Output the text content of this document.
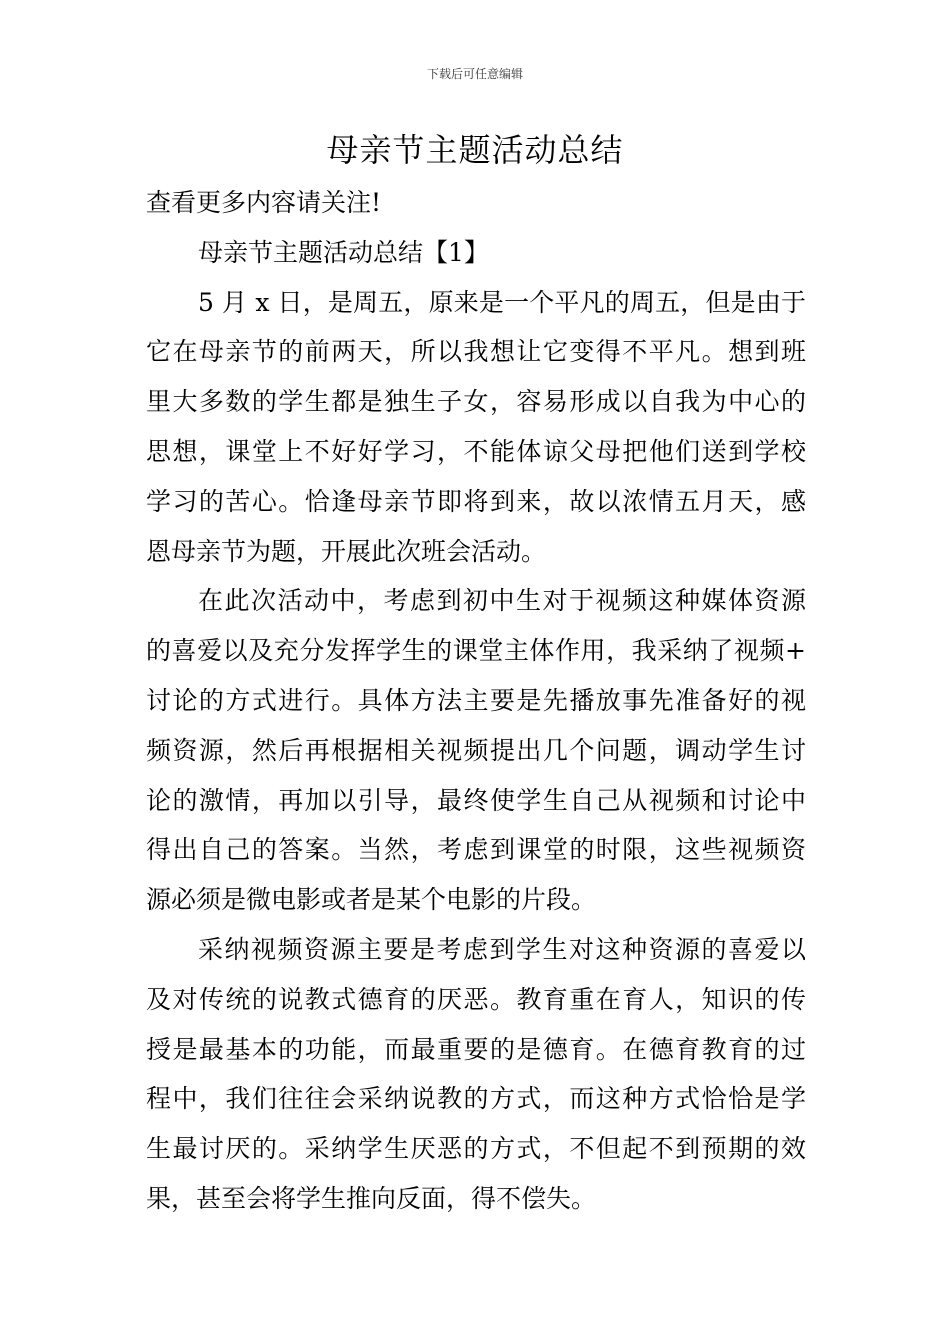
下载后可任意编辑
母亲节主题活动总结
查看更多内容请关注!
母亲节主题活动总结【1】
5 月 x 日，是周五，原来是一个平凡的周五，但是由于
它在母亲节的前两天，所以我想让它变得不平凡。想到班
里大多数的学生都是独生子女，容易形成以自我为中心的
思想，课堂上不好好学习，不能体谅父母把他们送到学校
学习的苦心。恰逢母亲节即将到来，故以浓情五月天，感
恩母亲节为题，开展此次班会活动。
在此次活动中，考虑到初中生对于视频这种媒体资源
的喜爱以及充分发挥学生的课堂主体作用，我采纳了视频+
讨论的方式进行。具体方法主要是先播放事先准备好的视
频资源，然后再根据相关视频提出几个问题，调动学生讨
论的激情，再加以引导，最终使学生自己从视频和讨论中
得出自己的答案。当然，考虑到课堂的时限，这些视频资
源必须是微电影或者是某个电影的片段。
采纳视频资源主要是考虑到学生对这种资源的喜爱以
及对传统的说教式德育的厌恶。教育重在育人，知识的传
授是最基本的功能，而最重要的是德育。在德育教育的过
程中，我们往往会采纳说教的方式，而这种方式恰恰是学
生最讨厌的。采纳学生厌恶的方式，不但起不到预期的效
果，甚至会将学生推向反面，得不偿失。
